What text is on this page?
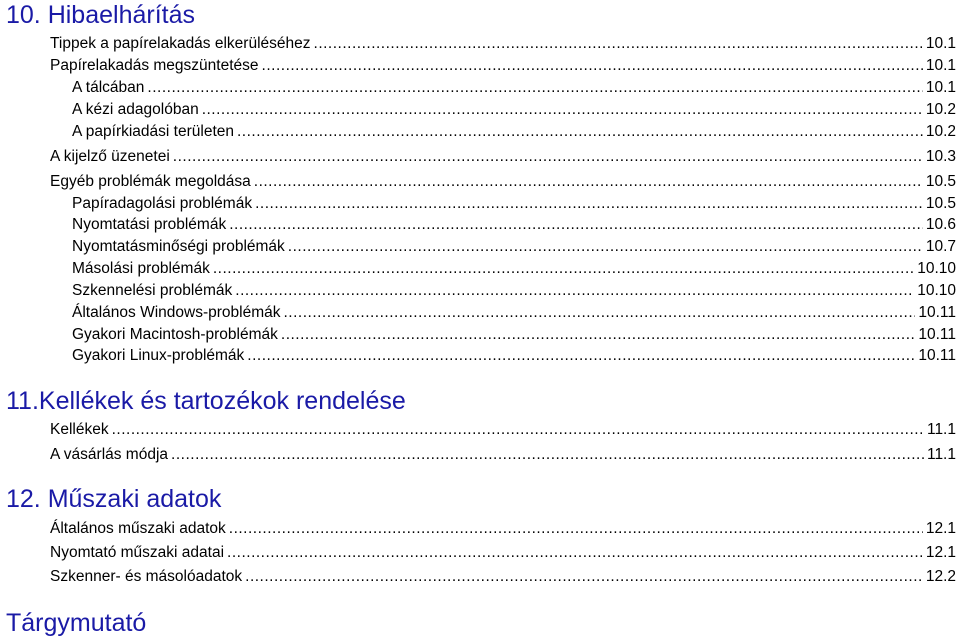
10. Hibaelhárítás
Tippek a papírelakadás elkerüléséhez .....	10.1
Papírelakadás megszüntetése .....	10.1
A tálcában .....	10.1
A kézi adagolóban .....	10.2
A papírkiadási területen .....	10.2
A kijelző üzenetei .....	10.3
Egyéb problémák megoldása .....	10.5
Papíradagolási problémák .....	10.5
Nyomtatási problémák .....	10.6
Nyomtatásminőségi problémák .....	10.7
Másolási problémák .....	10.10
Szkennelési problémák .....	10.10
Általános Windows-problémák .....	10.11
Gyakori Macintosh-problémák .....	10.11
Gyakori Linux-problémák .....	10.11
11.Kellékek és tartozékok rendelése
Kellékek .....	11.1
A vásárlás módja .....	11.1
12. Műszaki adatok
Általános műszaki adatok .....	12.1
Nyomtató műszaki adatai .....	12.1
Szkenner- és másolóadatok .....	12.2
Tárgymutató
